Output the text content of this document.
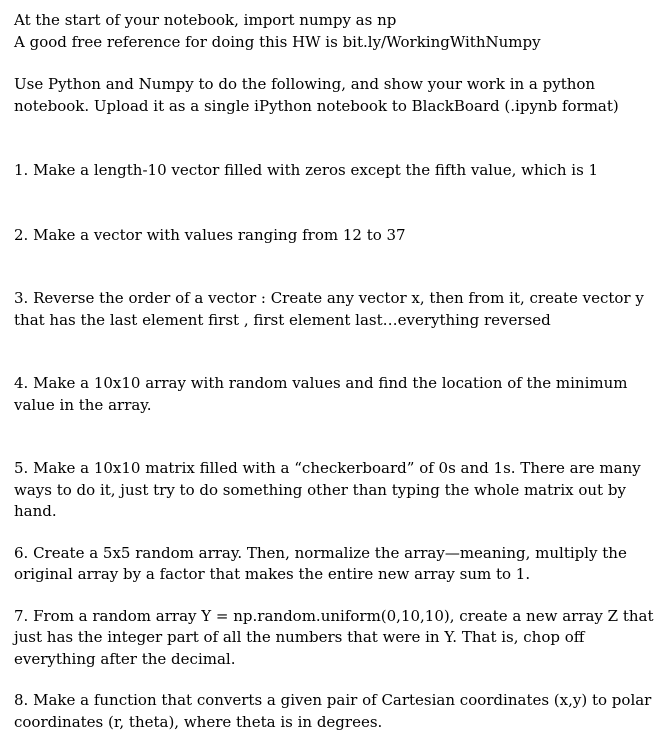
At the start of your notebook, import numpy as np

A good free reference for doing this HW is bit.ly/WorkingWithNumpy

Use Python and Numpy to do the following, and show your work in a python

notebook. Upload it as a single iPython notebook to BlackBoard (.ipynb format)

1. Make a length-10 vector filled with zeros except the fifth value, which is 1

2. Make a vector with values ranging from 12 to 37

3. Reverse the order of a vector : Create any vector x, then from it, create vector y

that has the last element first , first element last…everything reversed

4. Make a 10x10 array with random values and find the location of the minimum

value in the array.

5. Make a 10x10 matrix filled with a “checkerboard” of 0s and 1s. There are many

ways to do it, just try to do something other than typing the whole matrix out by

hand.

6. Create a 5x5 random array. Then, normalize the array—meaning, multiply the

original array by a factor that makes the entire new array sum to 1.

7. From a random array Y = np.random.uniform(0,10,10), create a new array Z that

just has the integer part of all the numbers that were in Y. That is, chop off

everything after the decimal.

8. Make a function that converts a given pair of Cartesian coordinates (x,y) to polar

coordinates (r, theta), where theta is in degrees.
